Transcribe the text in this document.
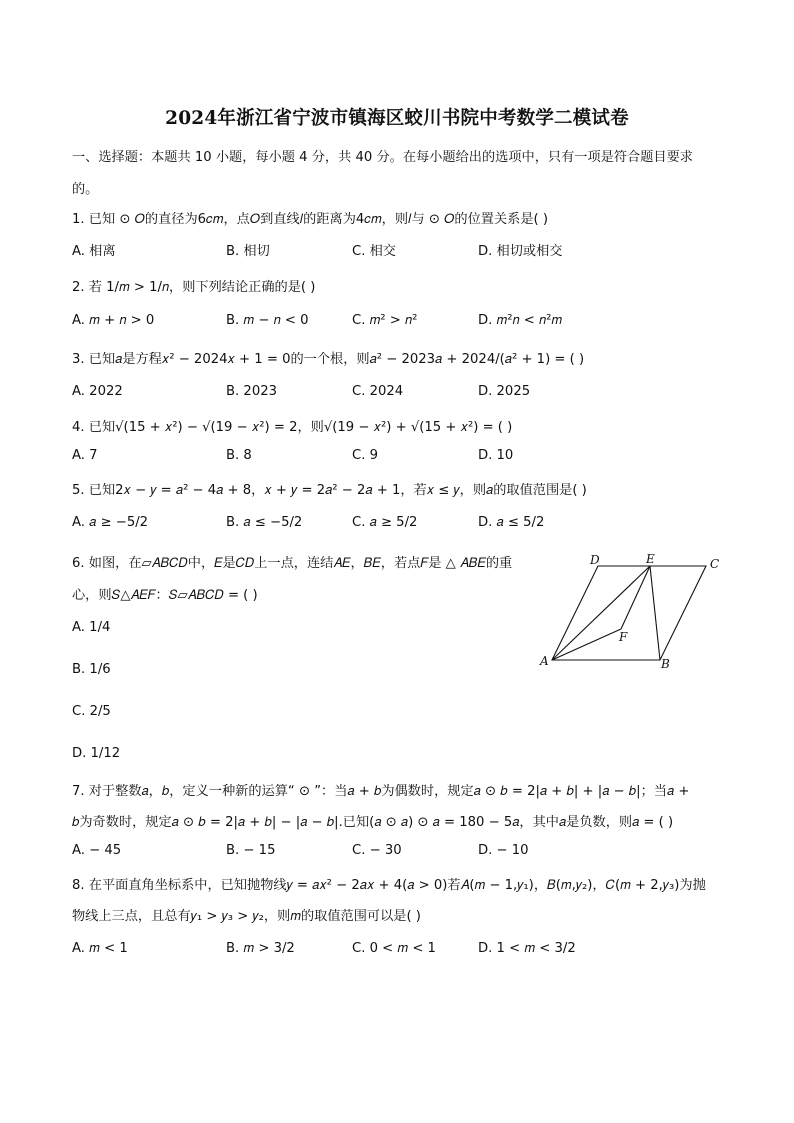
2024年浙江省宁波市镇海区蛟川书院中考数学二模试卷
一、选择题：本题共 10 小题，每小题 4 分，共 40 分。在每小题给出的选项中，只有一项是符合题目要求
的。
1. 已知 ⊙ 𝑂的直径为6𝑐𝑚，点𝑂到直线𝑙的距离为4𝑐𝑚，则𝑙与 ⊙ 𝑂的位置关系是( )
A. 相离	B. 相切	C. 相交	D. 相切或相交
2. 若 1/𝑚 > 1/𝑛，则下列结论正确的是( )
A. 𝑚 + 𝑛 > 0	B. 𝑚 − 𝑛 < 0	C. 𝑚² > 𝑛²	D. 𝑚²𝑛 < 𝑛²𝑚
3. 已知𝑎是方程𝑥² − 2024𝑥 + 1 = 0的一个根，则𝑎² − 2023𝑎 + 2024/(𝑎² + 1) = ( )
A. 2022	B. 2023	C. 2024	D. 2025
4. 已知√(15 + 𝑥²) − √(19 − 𝑥²) = 2，则√(19 − 𝑥²) + √(15 + 𝑥²) = ( )
A. 7	B. 8	C. 9	D. 10
5. 已知2𝑥 − 𝑦 = 𝑎² − 4𝑎 + 8，𝑥 + 𝑦 = 2𝑎² − 2𝑎 + 1，若𝑥 ≤ 𝑦，则𝑎的取值范围是( )
A. 𝑎 ≥ −5/2	B. 𝑎 ≤ −5/2	C. 𝑎 ≥ 5/2	D. 𝑎 ≤ 5/2
6. 如图，在▱𝐴𝐵𝐶𝐷中，𝐸是𝐶𝐷上一点，连结𝐴𝐸，𝐵𝐸，若点𝐹是 △ 𝐴𝐵𝐸的重
心，则𝑆△𝐴𝐸𝐹：𝑆▱𝐴𝐵𝐶𝐷 = ( )
A. 1/4
B. 1/6
C. 2/5
D. 1/12
D	E	C
F
A	B
7. 对于整数𝑎，𝑏，定义一种新的运算“ ⊙ ”：当𝑎 + 𝑏为偶数时，规定𝑎 ⊙ 𝑏 = 2|𝑎 + 𝑏| + |𝑎 − 𝑏|；当𝑎 +
𝑏为奇数时，规定𝑎 ⊙ 𝑏 = 2|𝑎 + 𝑏| − |𝑎 − 𝑏|.已知(𝑎 ⊙ 𝑎) ⊙ 𝑎 = 180 − 5𝑎，其中𝑎是负数，则𝑎 = ( )
A. − 45	B. − 15	C. − 30	D. − 10
8. 在平面直角坐标系中，已知抛物线𝑦 = 𝑎𝑥² − 2𝑎𝑥 + 4(𝑎 > 0)若𝐴(𝑚 − 1,𝑦₁)，𝐵(𝑚,𝑦₂)，𝐶(𝑚 + 2,𝑦₃)为抛
物线上三点，且总有𝑦₁ > 𝑦₃ > 𝑦₂，则𝑚的取值范围可以是( )
A. 𝑚 < 1	B. 𝑚 > 3/2	C. 0 < 𝑚 < 1	D. 1 < 𝑚 < 3/2
